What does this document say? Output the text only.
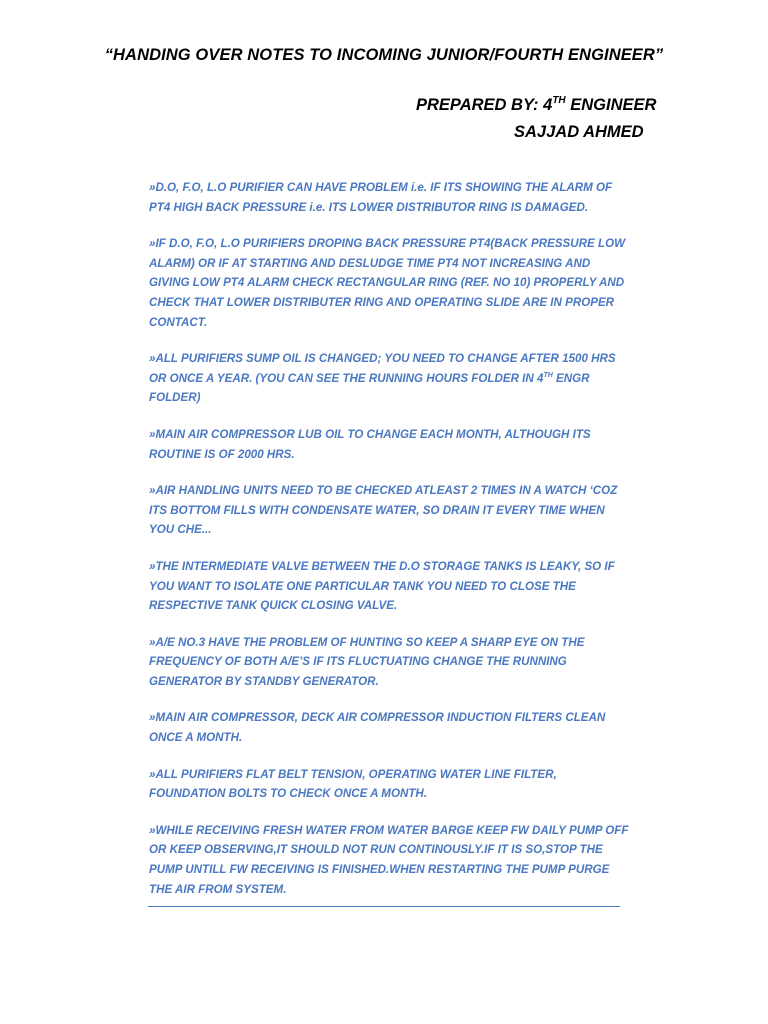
“HANDING OVER NOTES TO INCOMING JUNIOR/FOURTH ENGINEER”
PREPARED BY: 4TH ENGINEER
SAJJAD AHMED

»D.O, F.O, L.O PURIFIER CAN HAVE PROBLEM i.e. IF ITS SHOWING THE ALARM OF PT4 HIGH BACK PRESSURE i.e. ITS LOWER DISTRIBUTOR RING IS DAMAGED.

»IF D.O, F.O, L.O PURIFIERS DROPING BACK PRESSURE PT4(BACK PRESSURE LOW ALARM) OR IF AT STARTING AND DESLUDGE TIME PT4 NOT INCREASING AND GIVING LOW PT4 ALARM CHECK RECTANGULAR RING (REF. NO 10) PROPERLY AND CHECK THAT LOWER DISTRIBUTER RING AND OPERATING SLIDE ARE IN PROPER CONTACT.

»ALL PURIFIERS SUMP OIL IS CHANGED; YOU NEED TO CHANGE AFTER 1500 HRS OR ONCE A YEAR. (YOU CAN SEE THE RUNNING HOURS FOLDER IN 4TH ENGR FOLDER)

»MAIN AIR COMPRESSOR LUB OIL TO CHANGE EACH MONTH, ALTHOUGH ITS ROUTINE IS OF 2000 HRS.

»AIR HANDLING UNITS NEED TO BE CHECKED ATLEAST 2 TIMES IN A WATCH ‘COZ ITS BOTTOM FILLS WITH CONDENSATE WATER, SO DRAIN IT EVERY TIME WHEN YOU CHE...

»THE INTERMEDIATE VALVE BETWEEN THE D.O STORAGE TANKS IS LEAKY, SO IF YOU WANT TO ISOLATE ONE PARTICULAR TANK YOU NEED TO CLOSE THE RESPECTIVE TANK QUICK CLOSING VALVE.

»A/E NO.3 HAVE THE PROBLEM OF HUNTING SO KEEP A SHARP EYE ON THE FREQUENCY OF BOTH A/E’S IF ITS FLUCTUATING CHANGE THE RUNNING GENERATOR BY STANDBY GENERATOR.

»MAIN AIR COMPRESSOR, DECK AIR COMPRESSOR INDUCTION FILTERS CLEAN ONCE A MONTH.

»ALL PURIFIERS FLAT BELT TENSION, OPERATING WATER LINE FILTER, FOUNDATION BOLTS TO CHECK ONCE A MONTH.

»WHILE RECEIVING FRESH WATER FROM WATER BARGE KEEP FW DAILY PUMP OFF OR KEEP OBSERVING,IT SHOULD NOT RUN CONTINOUSLY.IF IT IS SO,STOP THE PUMP UNTILL FW RECEIVING IS FINISHED.WHEN RESTARTING THE PUMP PURGE THE AIR FROM SYSTEM.
